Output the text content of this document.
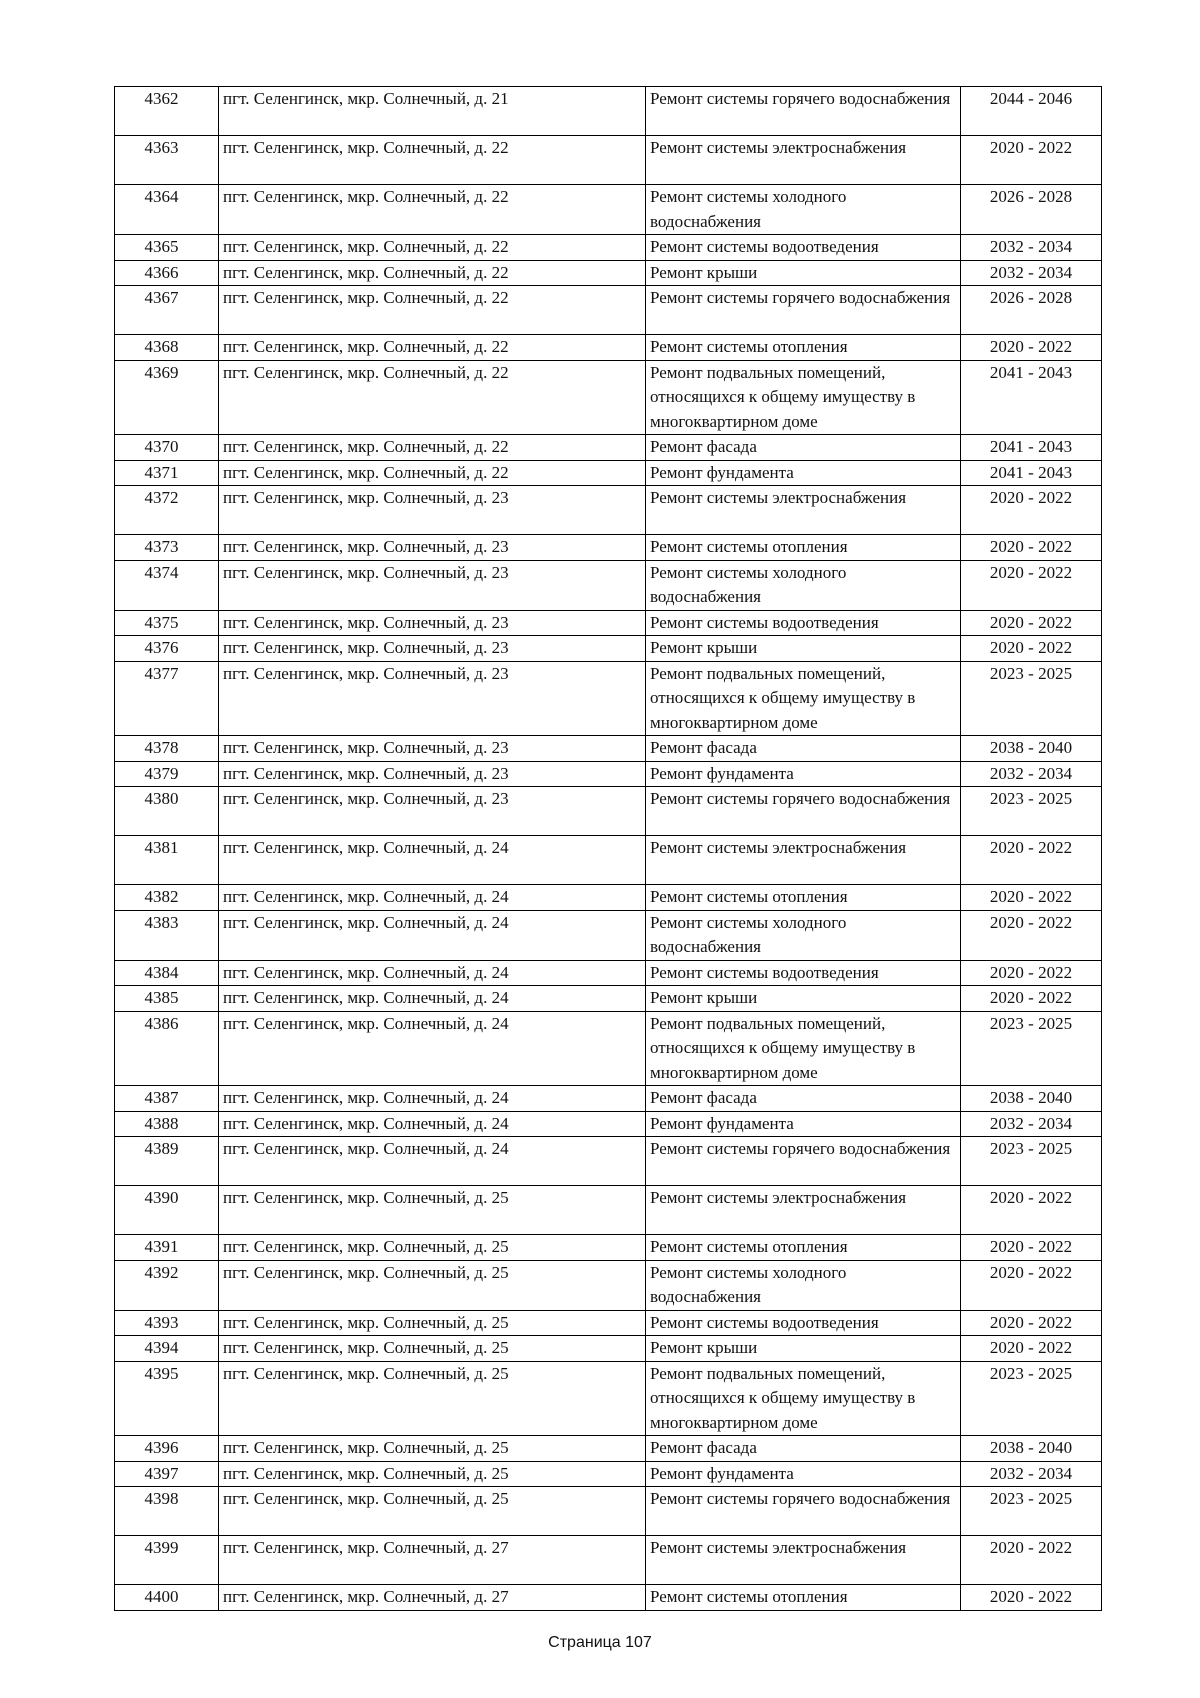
4362	пгт. Селенгинск, мкр. Солнечный, д. 21	Ремонт системы горячего водоснабжения	2044 - 2046
4363	пгт. Селенгинск, мкр. Солнечный, д. 22	Ремонт системы электроснабжения	2020 - 2022
4364	пгт. Селенгинск, мкр. Солнечный, д. 22	Ремонт системы холодного водоснабжения	2026 - 2028
4365	пгт. Селенгинск, мкр. Солнечный, д. 22	Ремонт системы водоотведения	2032 - 2034
4366	пгт. Селенгинск, мкр. Солнечный, д. 22	Ремонт крыши	2032 - 2034
4367	пгт. Селенгинск, мкр. Солнечный, д. 22	Ремонт системы горячего водоснабжения	2026 - 2028
4368	пгт. Селенгинск, мкр. Солнечный, д. 22	Ремонт системы отопления	2020 - 2022
4369	пгт. Селенгинск, мкр. Солнечный, д. 22	Ремонт подвальных помещений, относящихся к общему имуществу в многоквартирном доме	2041 - 2043
4370	пгт. Селенгинск, мкр. Солнечный, д. 22	Ремонт фасада	2041 - 2043
4371	пгт. Селенгинск, мкр. Солнечный, д. 22	Ремонт фундамента	2041 - 2043
4372	пгт. Селенгинск, мкр. Солнечный, д. 23	Ремонт системы электроснабжения	2020 - 2022
4373	пгт. Селенгинск, мкр. Солнечный, д. 23	Ремонт системы отопления	2020 - 2022
4374	пгт. Селенгинск, мкр. Солнечный, д. 23	Ремонт системы холодного водоснабжения	2020 - 2022
4375	пгт. Селенгинск, мкр. Солнечный, д. 23	Ремонт системы водоотведения	2020 - 2022
4376	пгт. Селенгинск, мкр. Солнечный, д. 23	Ремонт крыши	2020 - 2022
4377	пгт. Селенгинск, мкр. Солнечный, д. 23	Ремонт подвальных помещений, относящихся к общему имуществу в многоквартирном доме	2023 - 2025
4378	пгт. Селенгинск, мкр. Солнечный, д. 23	Ремонт фасада	2038 - 2040
4379	пгт. Селенгинск, мкр. Солнечный, д. 23	Ремонт фундамента	2032 - 2034
4380	пгт. Селенгинск, мкр. Солнечный, д. 23	Ремонт системы горячего водоснабжения	2023 - 2025
4381	пгт. Селенгинск, мкр. Солнечный, д. 24	Ремонт системы электроснабжения	2020 - 2022
4382	пгт. Селенгинск, мкр. Солнечный, д. 24	Ремонт системы отопления	2020 - 2022
4383	пгт. Селенгинск, мкр. Солнечный, д. 24	Ремонт системы холодного водоснабжения	2020 - 2022
4384	пгт. Селенгинск, мкр. Солнечный, д. 24	Ремонт системы водоотведения	2020 - 2022
4385	пгт. Селенгинск, мкр. Солнечный, д. 24	Ремонт крыши	2020 - 2022
4386	пгт. Селенгинск, мкр. Солнечный, д. 24	Ремонт подвальных помещений, относящихся к общему имуществу в многоквартирном доме	2023 - 2025
4387	пгт. Селенгинск, мкр. Солнечный, д. 24	Ремонт фасада	2038 - 2040
4388	пгт. Селенгинск, мкр. Солнечный, д. 24	Ремонт фундамента	2032 - 2034
4389	пгт. Селенгинск, мкр. Солнечный, д. 24	Ремонт системы горячего водоснабжения	2023 - 2025
4390	пгт. Селенгинск, мкр. Солнечный, д. 25	Ремонт системы электроснабжения	2020 - 2022
4391	пгт. Селенгинск, мкр. Солнечный, д. 25	Ремонт системы отопления	2020 - 2022
4392	пгт. Селенгинск, мкр. Солнечный, д. 25	Ремонт системы холодного водоснабжения	2020 - 2022
4393	пгт. Селенгинск, мкр. Солнечный, д. 25	Ремонт системы водоотведения	2020 - 2022
4394	пгт. Селенгинск, мкр. Солнечный, д. 25	Ремонт крыши	2020 - 2022
4395	пгт. Селенгинск, мкр. Солнечный, д. 25	Ремонт подвальных помещений, относящихся к общему имуществу в многоквартирном доме	2023 - 2025
4396	пгт. Селенгинск, мкр. Солнечный, д. 25	Ремонт фасада	2038 - 2040
4397	пгт. Селенгинск, мкр. Солнечный, д. 25	Ремонт фундамента	2032 - 2034
4398	пгт. Селенгинск, мкр. Солнечный, д. 25	Ремонт системы горячего водоснабжения	2023 - 2025
4399	пгт. Селенгинск, мкр. Солнечный, д. 27	Ремонт системы электроснабжения	2020 - 2022
4400	пгт. Селенгинск, мкр. Солнечный, д. 27	Ремонт системы отопления	2020 - 2022
Страница 107
